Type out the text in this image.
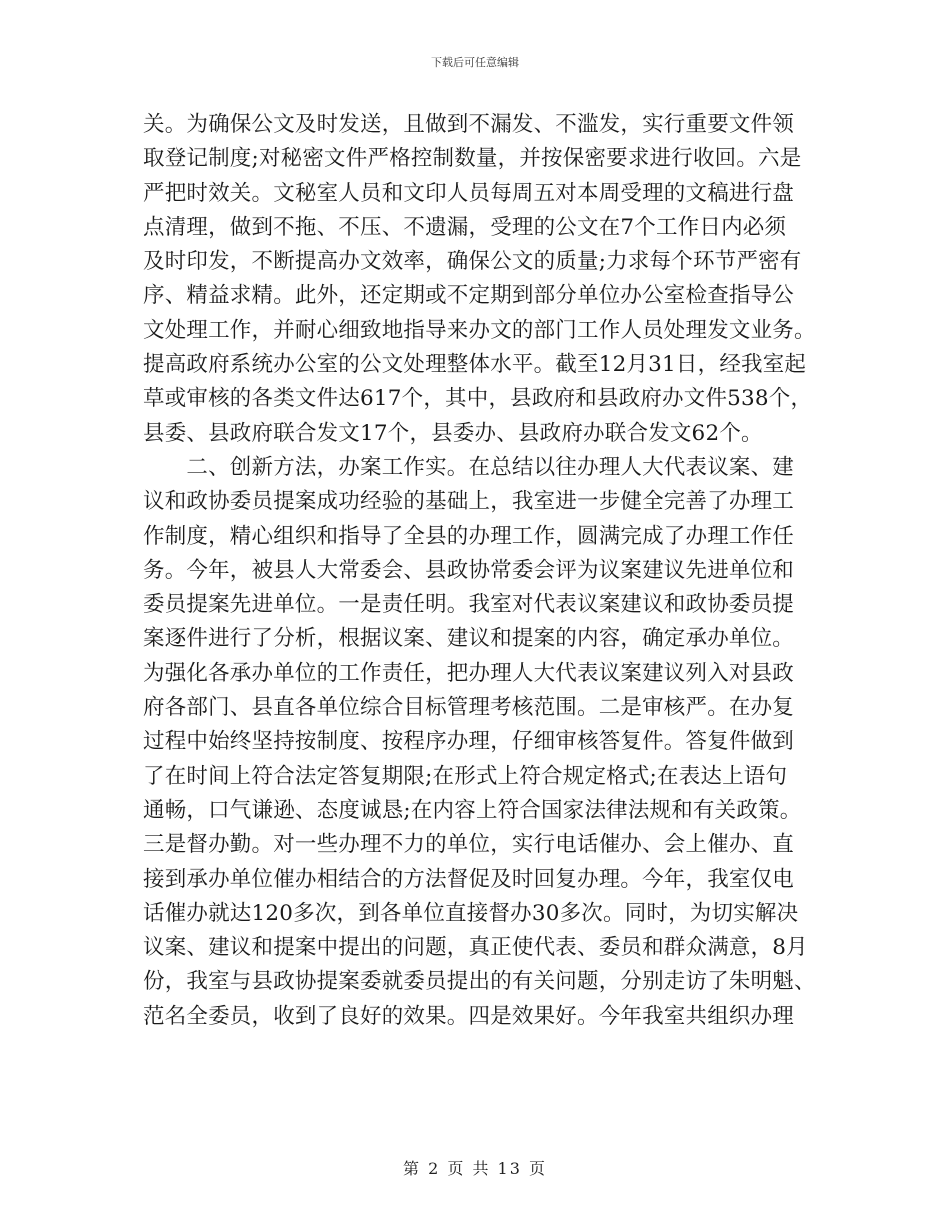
下载后可任意编辑
关。为确保公文及时发送，且做到不漏发、不滥发，实行重要文件领
取登记制度;对秘密文件严格控制数量，并按保密要求进行收回。六是
严把时效关。文秘室人员和文印人员每周五对本周受理的文稿进行盘
点清理，做到不拖、不压、不遗漏，受理的公文在7个工作日内必须
及时印发，不断提高办文效率，确保公文的质量;力求每个环节严密有
序、精益求精。此外，还定期或不定期到部分单位办公室检查指导公
文处理工作，并耐心细致地指导来办文的部门工作人员处理发文业务。
提高政府系统办公室的公文处理整体水平。截至12月31日，经我室起
草或审核的各类文件达617个，其中，县政府和县政府办文件538个，
县委、县政府联合发文17个，县委办、县政府办联合发文62个。
　　二、创新方法，办案工作实。在总结以往办理人大代表议案、建
议和政协委员提案成功经验的基础上，我室进一步健全完善了办理工
作制度，精心组织和指导了全县的办理工作，圆满完成了办理工作任
务。今年，被县人大常委会、县政协常委会评为议案建议先进单位和
委员提案先进单位。一是责任明。我室对代表议案建议和政协委员提
案逐件进行了分析，根据议案、建议和提案的内容，确定承办单位。
为强化各承办单位的工作责任，把办理人大代表议案建议列入对县政
府各部门、县直各单位综合目标管理考核范围。二是审核严。在办复
过程中始终坚持按制度、按程序办理，仔细审核答复件。答复件做到
了在时间上符合法定答复期限;在形式上符合规定格式;在表达上语句
通畅，口气谦逊、态度诚恳;在内容上符合国家法律法规和有关政策。
三是督办勤。对一些办理不力的单位，实行电话催办、会上催办、直
接到承办单位催办相结合的方法督促及时回复办理。今年，我室仅电
话催办就达120多次，到各单位直接督办30多次。同时，为切实解决
议案、建议和提案中提出的问题，真正使代表、委员和群众满意，8月
份，我室与县政协提案委就委员提出的有关问题，分别走访了朱明魁、
范名全委员，收到了良好的效果。四是效果好。今年我室共组织办理
第 2 页 共 13 页
